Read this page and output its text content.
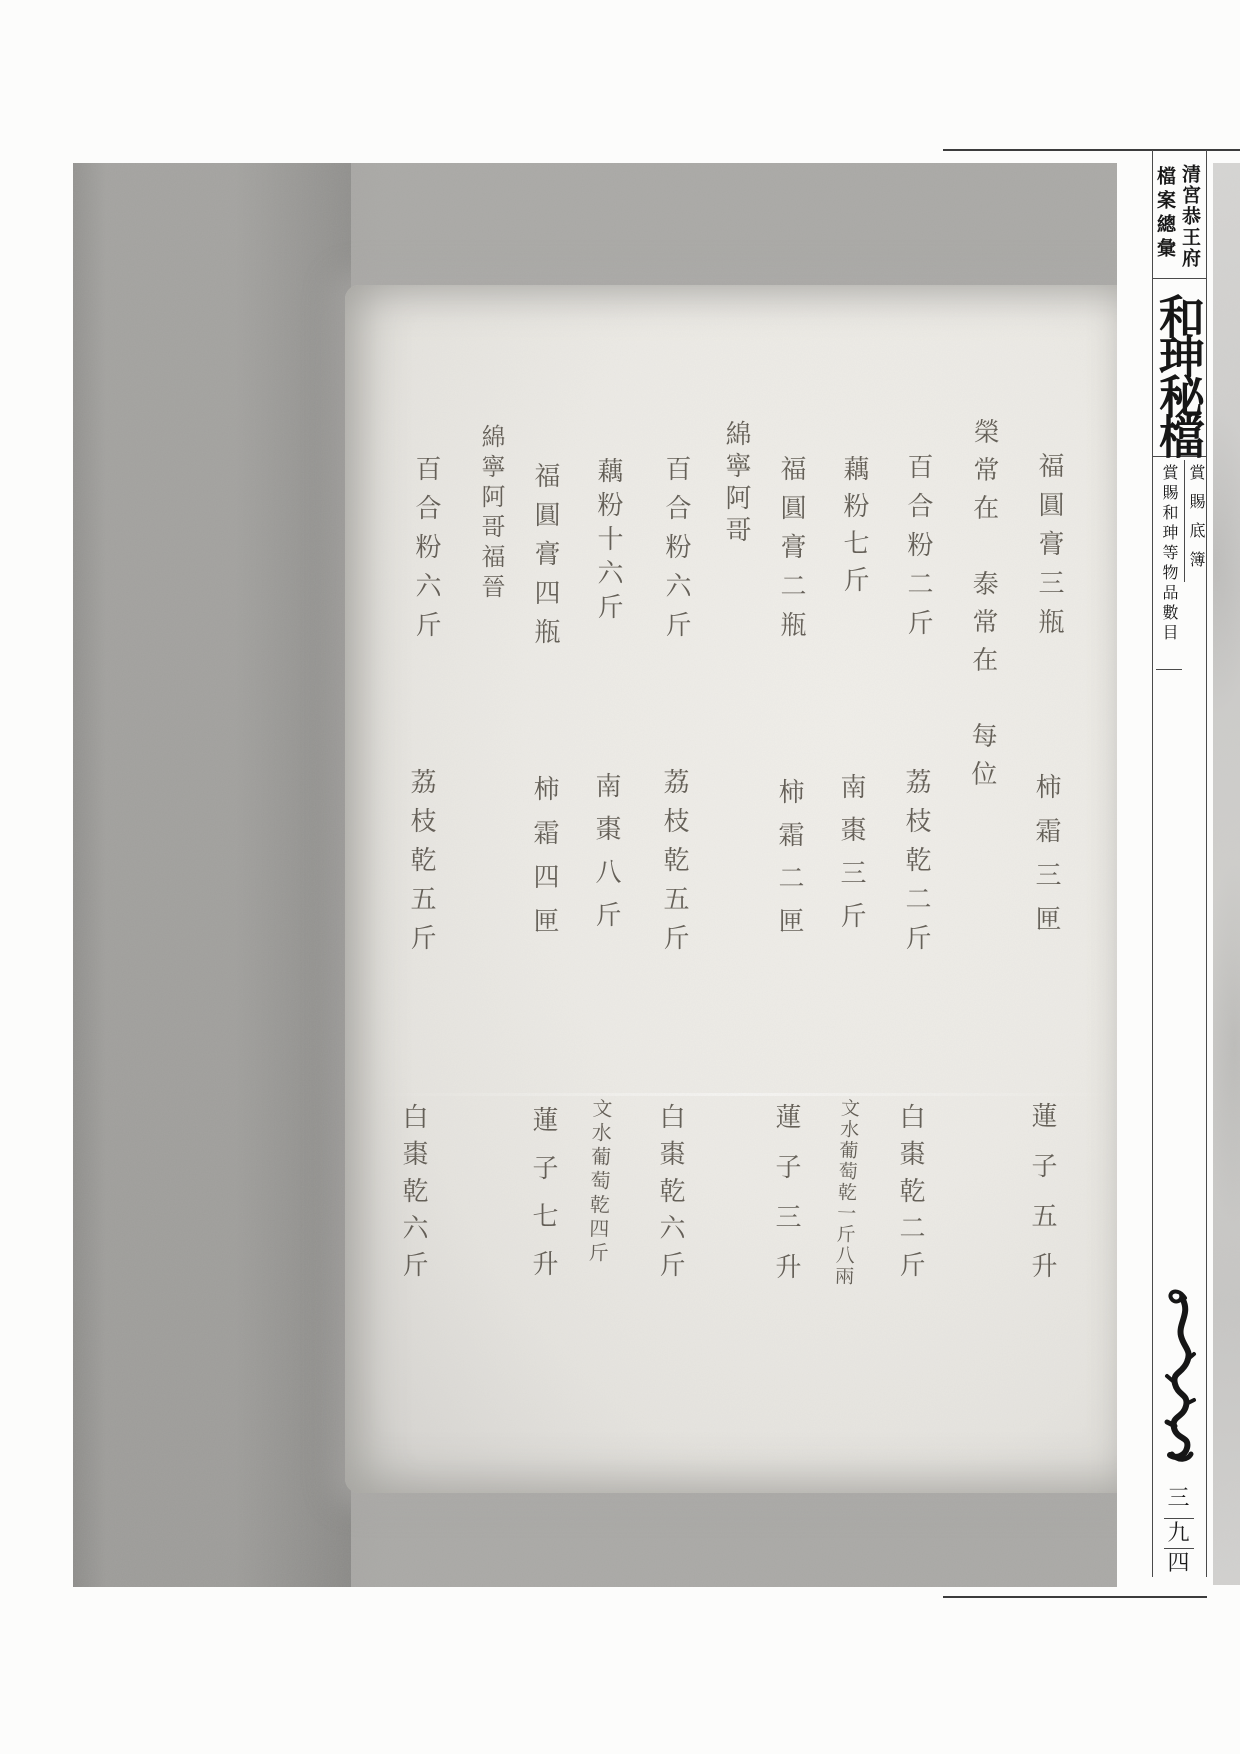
福圓膏三瓶
柿霜三匣
蓮子五升
榮常在　泰常在　每位
百合粉二斤
荔枝乾二斤
白棗乾二斤
藕粉七斤
南棗三斤
文水葡萄乾一斤八兩
福圓膏二瓶
柿霜二匣
蓮子三升
綿寧阿哥
百合粉六斤
荔枝乾五斤
白棗乾六斤
藕粉十六斤
南棗八斤
文水葡萄乾四斤
福圓膏四瓶
柿霜四匣
蓮子七升
綿寧阿哥福晉
百合粉六斤
荔枝乾五斤
白棗乾六斤
清宮恭王府
檔案總彙
和珅秘檔
賞賜底簿
賞賜和珅等物品數目
三
九
四
